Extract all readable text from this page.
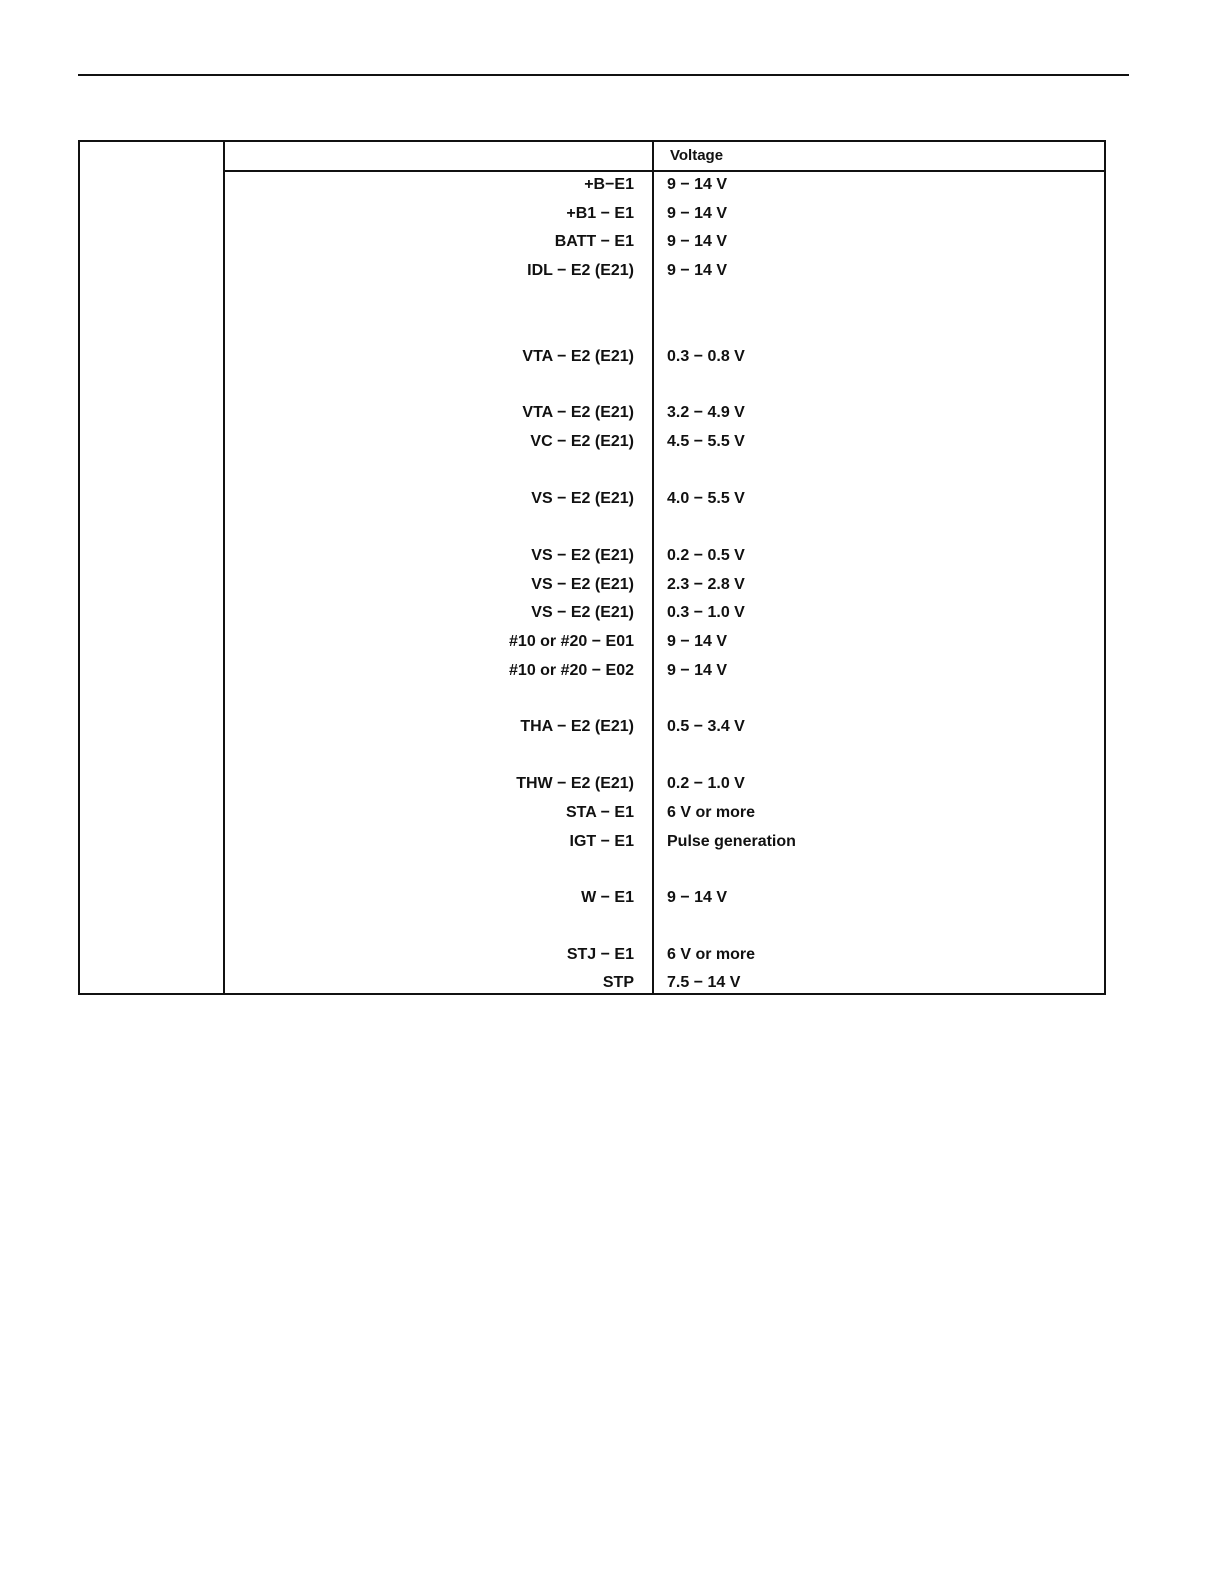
Voltage
+B−E1 9 − 14 V
+B1 − E1 9 − 14 V
BATT − E1 9 − 14 V
IDL − E2 (E21) 9 − 14 V
VTA − E2 (E21) 0.3 − 0.8 V
VTA − E2 (E21) 3.2 − 4.9 V
VC − E2 (E21) 4.5 − 5.5 V
VS − E2 (E21) 4.0 − 5.5 V
VS − E2 (E21) 0.2 − 0.5 V
VS − E2 (E21) 2.3 − 2.8 V
VS − E2 (E21) 0.3 − 1.0 V
#10 or #20 − E01 9 − 14 V
#10 or #20 − E02 9 − 14 V
THA − E2 (E21) 0.5 − 3.4 V
THW − E2 (E21) 0.2 − 1.0 V
STA − E1 6 V or more
IGT − E1 Pulse generation
W − E1 9 − 14 V
STJ − E1 6 V or more
STP 7.5 − 14 V
